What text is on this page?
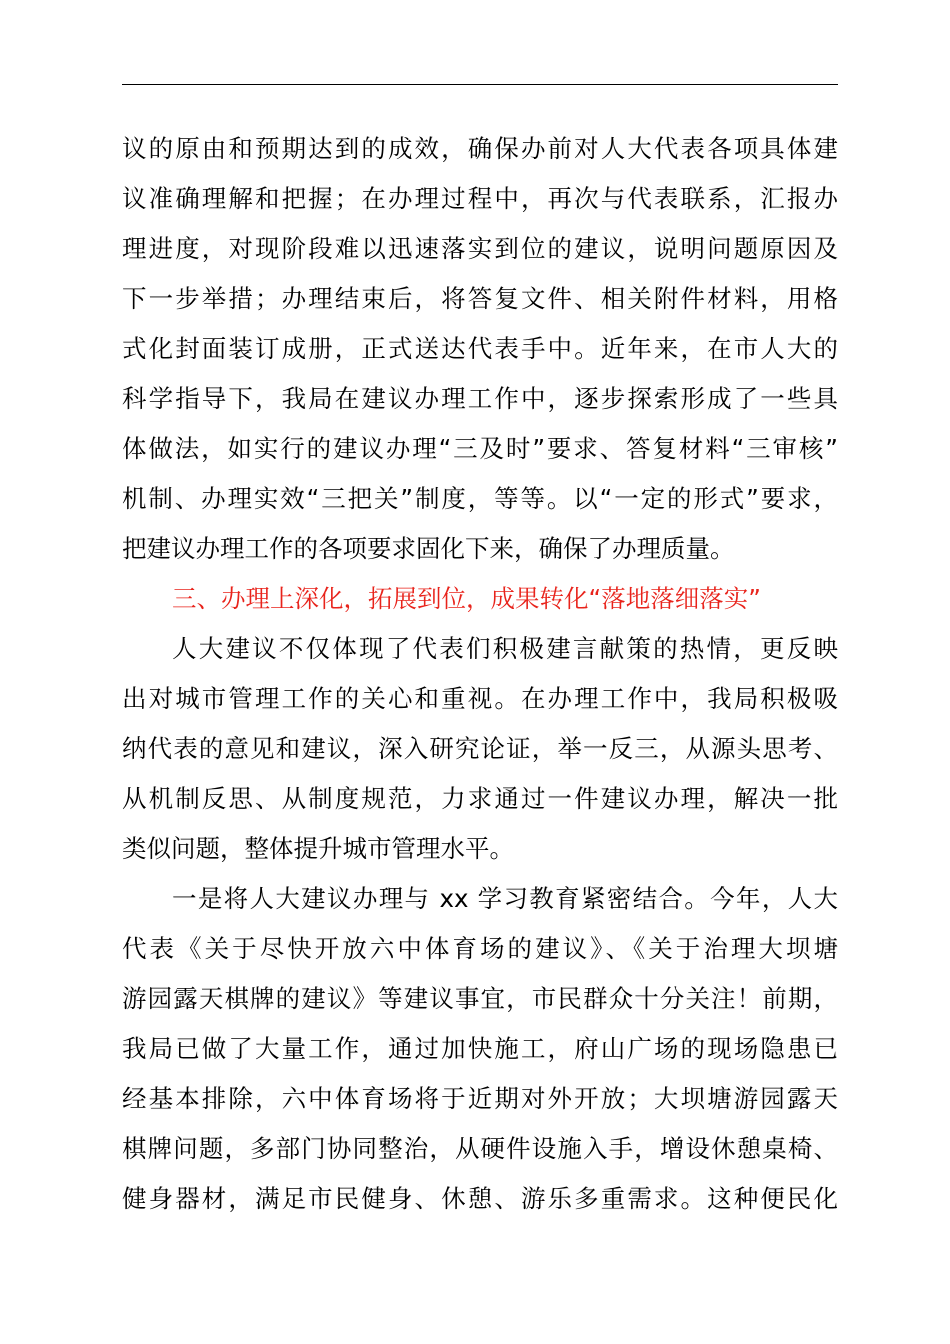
议的原由和预期达到的成效，确保办前对人大代表各项具体建
议准确理解和把握；在办理过程中，再次与代表联系，汇报办
理进度，对现阶段难以迅速落实到位的建议，说明问题原因及
下一步举措；办理结束后，将答复文件、相关附件材料，用格
式化封面装订成册，正式送达代表手中。近年来，在市人大的
科学指导下，我局在建议办理工作中，逐步探索形成了一些具
体做法，如实行的建议办理“三及时”要求、答复材料“三审核”
机制、办理实效“三把关”制度，等等。以“一定的形式”要求，
把建议办理工作的各项要求固化下来，确保了办理质量。
三、办理上深化，拓展到位，成果转化“落地落细落实”
人大建议不仅体现了代表们积极建言献策的热情，更反映
出对城市管理工作的关心和重视。在办理工作中，我局积极吸
纳代表的意见和建议，深入研究论证，举一反三，从源头思考、
从机制反思、从制度规范，力求通过一件建议办理，解决一批
类似问题，整体提升城市管理水平。
一是将人大建议办理与 xx 学习教育紧密结合。今年，人大
代表《关于尽快开放六中体育场的建议》、《关于治理大坝塘
游园露天棋牌的建议》等建议事宜，市民群众十分关注！前期，
我局已做了大量工作，通过加快施工，府山广场的现场隐患已
经基本排除，六中体育场将于近期对外开放；大坝塘游园露天
棋牌问题，多部门协同整治，从硬件设施入手，增设休憩桌椅、
健身器材，满足市民健身、休憩、游乐多重需求。这种便民化
